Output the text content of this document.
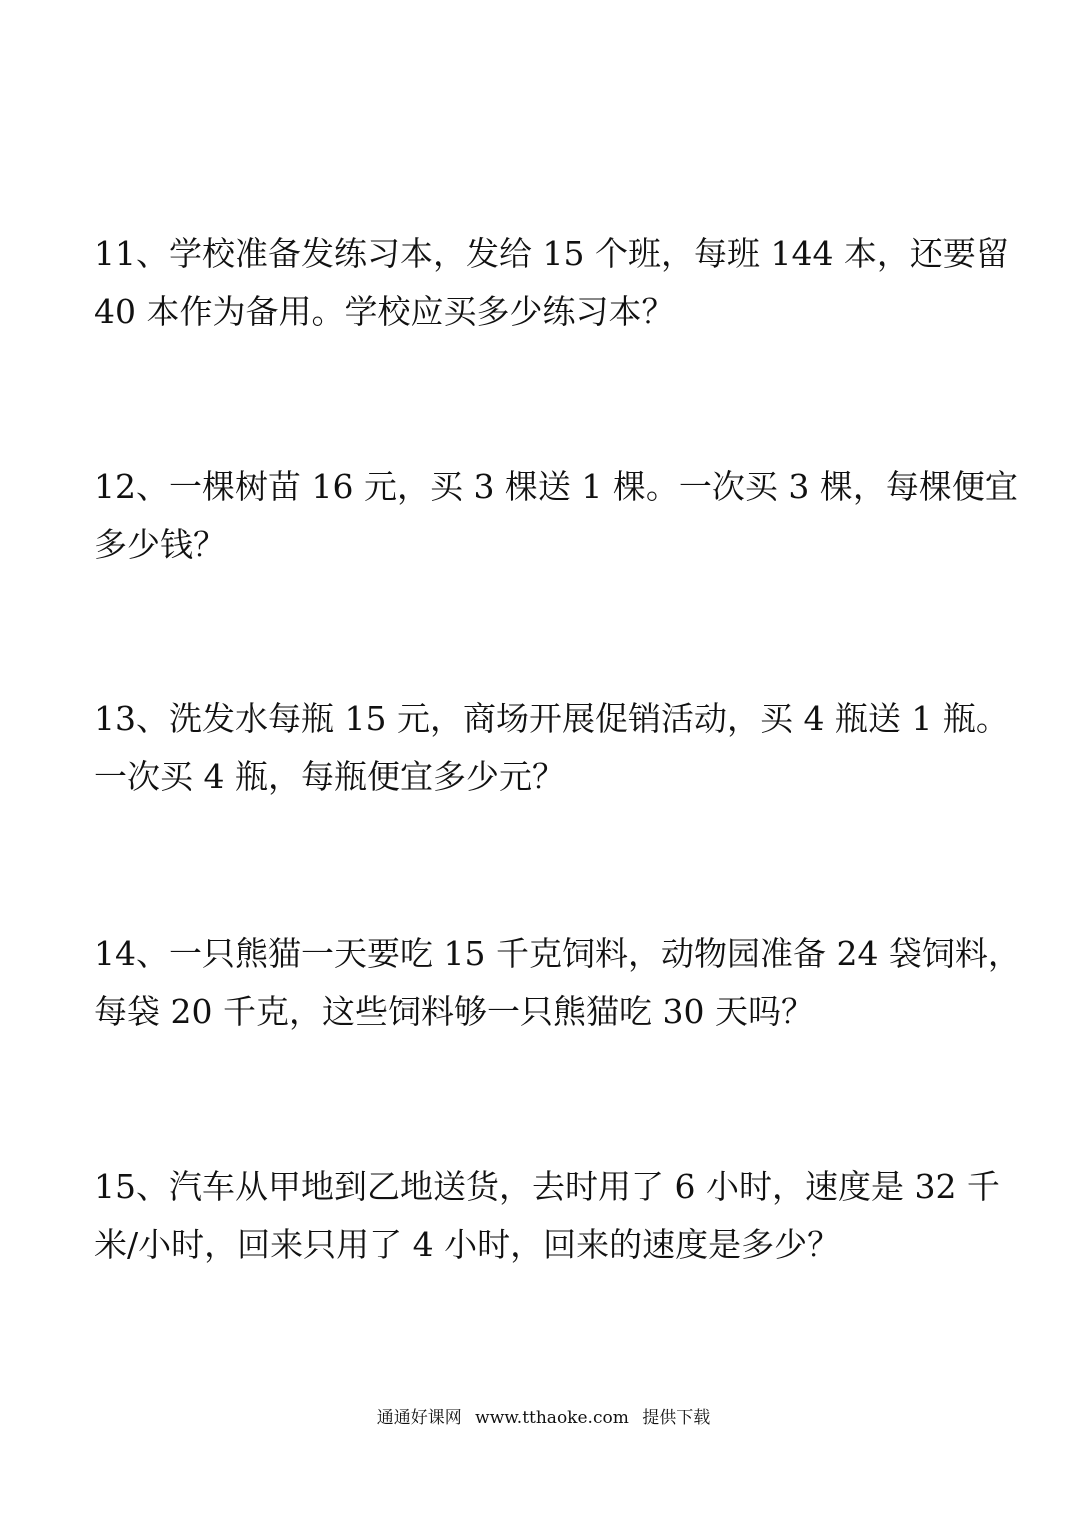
11、学校准备发练习本，发给 15 个班，每班 144 本，还要留
40 本作为备用。学校应买多少练习本？
12、一棵树苗 16 元，买 3 棵送 1 棵。一次买 3 棵，每棵便宜
多少钱？
13、洗发水每瓶 15 元，商场开展促销活动，买 4 瓶送 1 瓶。
一次买 4 瓶，每瓶便宜多少元？
14、一只熊猫一天要吃 15 千克饲料，动物园准备 24 袋饲料，
每袋 20 千克，这些饲料够一只熊猫吃 30 天吗？
15、汽车从甲地到乙地送货，去时用了 6 小时，速度是 32 千
米/小时，回来只用了 4 小时，回来的速度是多少？
通通好课网 www.tthaoke.com 提供下载
